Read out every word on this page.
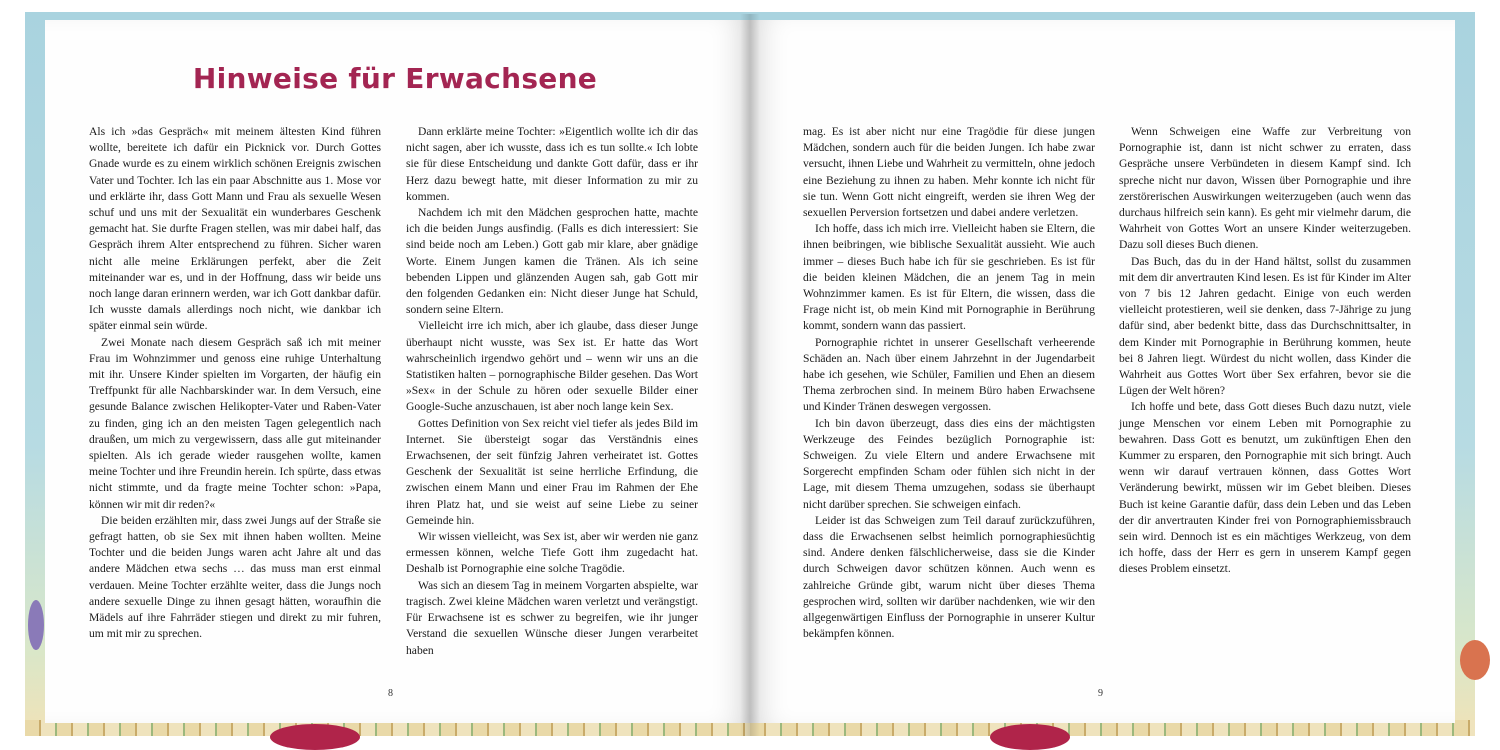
Hinweise für Erwachsene

Als ich »das Gespräch« mit meinem ältesten Kind führen wollte, bereitete ich dafür ein Picknick vor. Durch Gottes Gnade wurde es zu einem wirklich schönen Ereignis zwischen Vater und Tochter. Ich las ein paar Abschnitte aus 1. Mose vor und erklärte ihr, dass Gott Mann und Frau als sexuelle Wesen schuf und uns mit der Sexualität ein wunderbares Geschenk gemacht hat. Sie durfte Fragen stellen, was mir dabei half, das Gespräch ihrem Alter entsprechend zu führen. Sicher waren nicht alle meine Erklärungen perfekt, aber die Zeit miteinander war es, und in der Hoffnung, dass wir beide uns noch lange daran erinnern werden, war ich Gott dankbar dafür. Ich wusste damals allerdings noch nicht, wie dankbar ich später einmal sein würde.

Zwei Monate nach diesem Gespräch saß ich mit meiner Frau im Wohnzimmer und genoss eine ruhige Unterhaltung mit ihr. Unsere Kinder spielten im Vorgarten, der häufig ein Treffpunkt für alle Nachbarskinder war. In dem Versuch, eine gesunde Balance zwischen Helikopter-Vater und Raben-Vater zu finden, ging ich an den meisten Tagen gelegentlich nach draußen, um mich zu vergewissern, dass alle gut miteinander spielten. Als ich gerade wieder rausgehen wollte, kamen meine Tochter und ihre Freundin herein. Ich spürte, dass etwas nicht stimmte, und da fragte meine Tochter schon: »Papa, können wir mit dir reden?«

Die beiden erzählten mir, dass zwei Jungs auf der Straße sie gefragt hatten, ob sie Sex mit ihnen haben wollten. Meine Tochter und die beiden Jungs waren acht Jahre alt und das andere Mädchen etwa sechs … das muss man erst einmal verdauen. Meine Tochter erzählte weiter, dass die Jungs noch andere sexuelle Dinge zu ihnen gesagt hätten, woraufhin die Mädels auf ihre Fahrräder stiegen und direkt zu mir fuhren, um mit mir zu sprechen.

Dann erklärte meine Tochter: »Eigentlich wollte ich dir das nicht sagen, aber ich wusste, dass ich es tun sollte.« Ich lobte sie für diese Entscheidung und dankte Gott dafür, dass er ihr Herz dazu bewegt hatte, mit dieser Information zu mir zu kommen.

Nachdem ich mit den Mädchen gesprochen hatte, machte ich die beiden Jungs ausfindig. (Falls es dich interessiert: Sie sind beide noch am Leben.) Gott gab mir klare, aber gnädige Worte. Einem Jungen kamen die Tränen. Als ich seine bebenden Lippen und glänzenden Augen sah, gab Gott mir den folgenden Gedanken ein: Nicht dieser Junge hat Schuld, sondern seine Eltern.

Vielleicht irre ich mich, aber ich glaube, dass dieser Junge überhaupt nicht wusste, was Sex ist. Er hatte das Wort wahrscheinlich irgendwo gehört und – wenn wir uns an die Statistiken halten – pornographische Bilder gesehen. Das Wort »Sex« in der Schule zu hören oder sexuelle Bilder einer Google-Suche anzuschauen, ist aber noch lange kein Sex.

Gottes Definition von Sex reicht viel tiefer als jedes Bild im Internet. Sie übersteigt sogar das Verständnis eines Erwachsenen, der seit fünfzig Jahren verheiratet ist. Gottes Geschenk der Sexualität ist seine herrliche Erfindung, die zwischen einem Mann und einer Frau im Rahmen der Ehe ihren Platz hat, und sie weist auf seine Liebe zu seiner Gemeinde hin.

Wir wissen vielleicht, was Sex ist, aber wir werden nie ganz ermessen können, welche Tiefe Gott ihm zugedacht hat. Deshalb ist Pornographie eine solche Tragödie.

Was sich an diesem Tag in meinem Vorgarten abspielte, war tragisch. Zwei kleine Mädchen waren verletzt und verängstigt. Für Erwachsene ist es schwer zu begreifen, wie ihr junger Verstand die sexuellen Wünsche dieser Jungen verarbeitet haben

mag. Es ist aber nicht nur eine Tragödie für diese jungen Mädchen, sondern auch für die beiden Jungen. Ich habe zwar versucht, ihnen Liebe und Wahrheit zu vermitteln, ohne jedoch eine Beziehung zu ihnen zu haben. Mehr konnte ich nicht für sie tun. Wenn Gott nicht eingreift, werden sie ihren Weg der sexuellen Perversion fortsetzen und dabei andere verletzen.

Ich hoffe, dass ich mich irre. Vielleicht haben sie Eltern, die ihnen beibringen, wie biblische Sexualität aussieht. Wie auch immer – dieses Buch habe ich für sie geschrieben. Es ist für die beiden kleinen Mädchen, die an jenem Tag in mein Wohnzimmer kamen. Es ist für Eltern, die wissen, dass die Frage nicht ist, ob mein Kind mit Pornographie in Berührung kommt, sondern wann das passiert.

Pornographie richtet in unserer Gesellschaft verheerende Schäden an. Nach über einem Jahrzehnt in der Jugendarbeit habe ich gesehen, wie Schüler, Familien und Ehen an diesem Thema zerbrochen sind. In meinem Büro haben Erwachsene und Kinder Tränen deswegen vergossen.

Ich bin davon überzeugt, dass dies eins der mächtigsten Werkzeuge des Feindes bezüglich Pornographie ist: Schweigen. Zu viele Eltern und andere Erwachsene mit Sorgerecht empfinden Scham oder fühlen sich nicht in der Lage, mit diesem Thema umzugehen, sodass sie überhaupt nicht darüber sprechen. Sie schweigen einfach.

Leider ist das Schweigen zum Teil darauf zurückzuführen, dass die Erwachsenen selbst heimlich pornographiesüchtig sind. Andere denken fälschlicherweise, dass sie die Kinder durch Schweigen davor schützen können. Auch wenn es zahlreiche Gründe gibt, warum nicht über dieses Thema gesprochen wird, sollten wir darüber nachdenken, wie wir den allgegenwärtigen Einfluss der Pornographie in unserer Kultur bekämpfen können.

Wenn Schweigen eine Waffe zur Verbreitung von Pornographie ist, dann ist nicht schwer zu erraten, dass Gespräche unsere Verbündeten in diesem Kampf sind. Ich spreche nicht nur davon, Wissen über Pornographie und ihre zerstörerischen Auswirkungen weiterzugeben (auch wenn das durchaus hilfreich sein kann). Es geht mir vielmehr darum, die Wahrheit von Gottes Wort an unsere Kinder weiterzugeben. Dazu soll dieses Buch dienen.

Das Buch, das du in der Hand hältst, sollst du zusammen mit dem dir anvertrauten Kind lesen. Es ist für Kinder im Alter von 7 bis 12 Jahren gedacht. Einige von euch werden vielleicht protestieren, weil sie denken, dass 7-Jährige zu jung dafür sind, aber bedenkt bitte, dass das Durchschnittsalter, in dem Kinder mit Pornographie in Berührung kommen, heute bei 8 Jahren liegt. Würdest du nicht wollen, dass Kinder die Wahrheit aus Gottes Wort über Sex erfahren, bevor sie die Lügen der Welt hören?

Ich hoffe und bete, dass Gott dieses Buch dazu nutzt, viele junge Menschen vor einem Leben mit Pornographie zu bewahren. Dass Gott es benutzt, um zukünftigen Ehen den Kummer zu ersparen, den Pornographie mit sich bringt. Auch wenn wir darauf vertrauen können, dass Gottes Wort Veränderung bewirkt, müssen wir im Gebet bleiben. Dieses Buch ist keine Garantie dafür, dass dein Leben und das Leben der dir anvertrauten Kinder frei von Pornographiemissbrauch sein wird. Dennoch ist es ein mächtiges Werkzeug, von dem ich hoffe, dass der Herr es gern in unserem Kampf gegen dieses Problem einsetzt.

8	9
